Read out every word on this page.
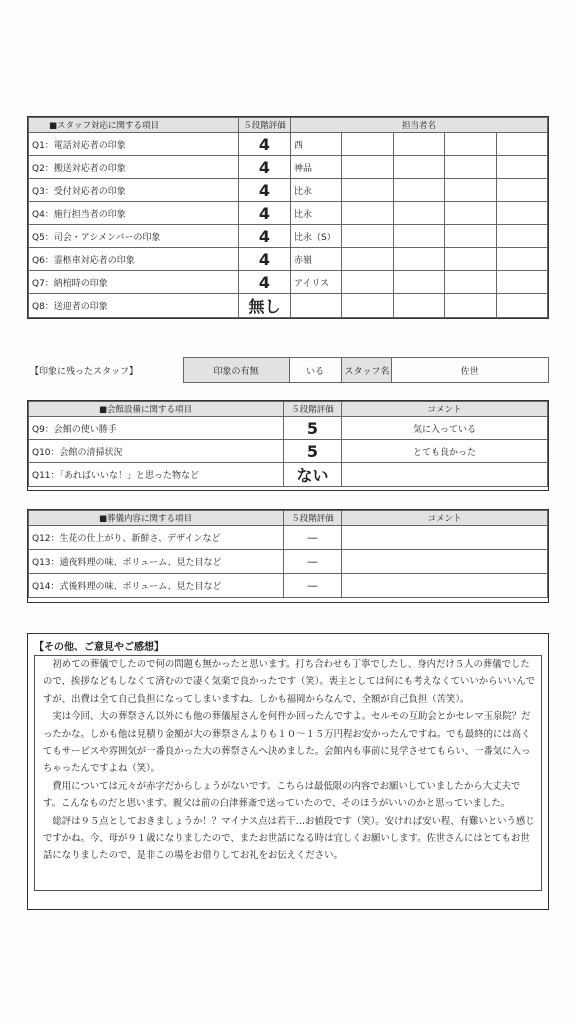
■スタッフ対応に関する項目	５段階評価	担当者名				
Q1：電話対応者の印象	4	西				
Q2：搬送対応者の印象	4	神品				
Q3：受付対応者の印象	4	比永				
Q4：施行担当者の印象	4	比永				
Q5：司会・アシメンバーの印象	4	比永（S）				
Q6：霊柩車対応者の印象	4	赤嶺				
Q7：納棺時の印象	4	アイリス				
Q8：送迎者の印象	無し					
【印象に残ったスタッフ】	印象の有無	いる	スタッフ名	佐世
■会館設備に関する項目	５段階評価	コメント
Q9：会館の使い勝手	5	気に入っている
Q10：会館の清掃状況	5	とても良かった
Q11：「あればいいな！」と思った物など	ない	
■葬儀内容に関する項目	５段階評価	コメント
Q12：生花の仕上がり、新鮮さ、デザインなど	—	
Q13：通夜料理の味、ボリューム、見た目など	—	
Q14：式後料理の味、ボリューム、見た目など	—	
【その他、ご意見やご感想】

初めての葬儀でしたので何の問題も無かったと思います。打ち合わせも丁寧でしたし、身内だけ５人の葬儀でしたので、挨拶などもしなくて済むので凄く気楽で良かったです（笑）。喪主としては何にも考えなくていいからいいんですが、出費は全て自己負担になってしまいますね。しかも福岡からなんで、全額が自己負担（苦笑）。

実は今回、大の葬祭さん以外にも他の葬儀屋さんを何件か回ったんですよ。セルモの互助会とかセレマ玉泉院？だったかな。しかも他は見積り金額が大の葬祭さんよりも１０～１５万円程お安かったんですね。でも最終的には高くてもサービスや雰囲気が一番良かった大の葬祭さんへ決めました。会館内も事前に見学させてもらい、一番気に入っちゃったんですよね（笑）。

費用については元々が赤字だからしょうがないです。こちらは最低限の内容でお願いしていましたから大丈夫です。こんなものだと思います。親父は前の白津葬斎で送っていたので、そのほうがいいのかと思っていました。

総評は９５点としておきましょうか！？マイナス点は若干…お値段です（笑）。安ければ安い程、有難いという感じですかね。今、母が９１歳になりましたので、またお世話になる時は宜しくお願いします。佐世さんにはとてもお世話になりましたので、是非この場をお借りしてお礼をお伝えください。
